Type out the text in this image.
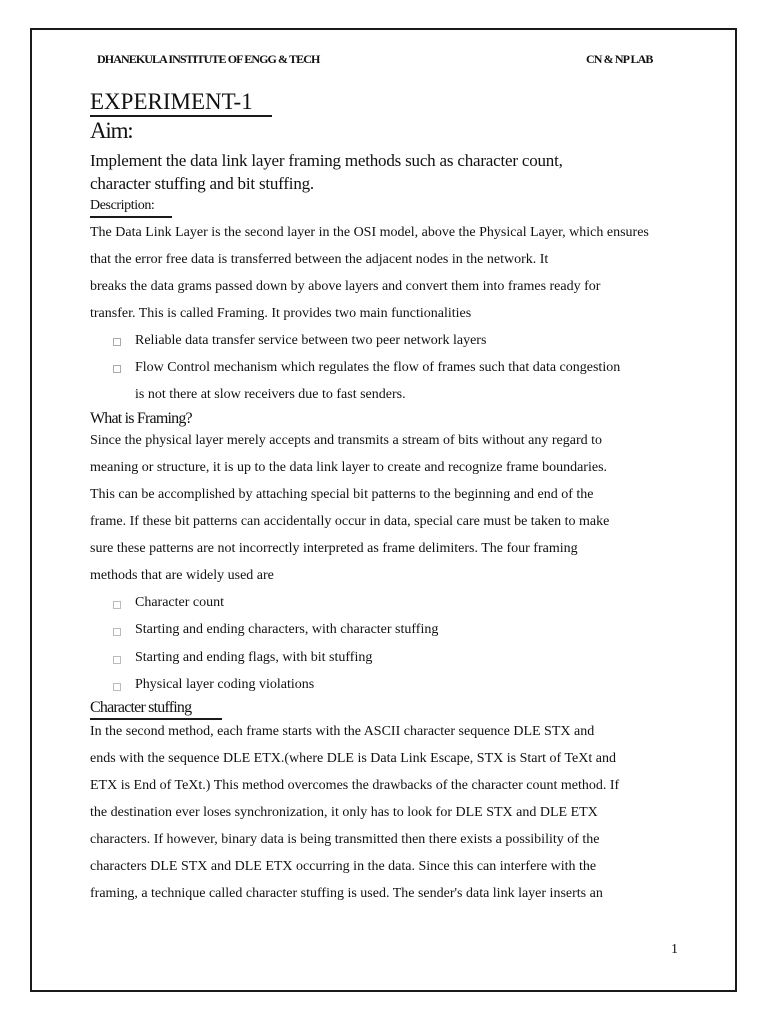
DHANEKULA INSTITUTE OF ENGG & TECH	CN & NP LAB
EXPERIMENT-1
Aim:
Implement the data link layer framing methods such as character count,
character stuffing and bit stuffing.
Description:
The Data Link Layer is the second layer in the OSI model, above the Physical Layer, which ensures
that the error free data is transferred between the adjacent nodes in the network. It
breaks the data grams passed down by above layers and convert them into frames ready for
transfer. This is called Framing. It provides two main functionalities
Reliable data transfer service between two peer network layers
Flow Control mechanism which regulates the flow of frames such that data congestion
is not there at slow receivers due to fast senders.
What is Framing?
Since the physical layer merely accepts and transmits a stream of bits without any regard to
meaning or structure, it is up to the data link layer to create and recognize frame boundaries.
This can be accomplished by attaching special bit patterns to the beginning and end of the
frame. If these bit patterns can accidentally occur in data, special care must be taken to make
sure these patterns are not incorrectly interpreted as frame delimiters. The four framing
methods that are widely used are
Character count
Starting and ending characters, with character stuffing
Starting and ending flags, with bit stuffing
Physical layer coding violations
Character stuffing
In the second method, each frame starts with the ASCII character sequence DLE STX and
ends with the sequence DLE ETX.(where DLE is Data Link Escape, STX is Start of TeXt and
ETX is End of TeXt.) This method overcomes the drawbacks of the character count method. If
the destination ever loses synchronization, it only has to look for DLE STX and DLE ETX
characters. If however, binary data is being transmitted then there exists a possibility of the
characters DLE STX and DLE ETX occurring in the data. Since this can interfere with the
framing, a technique called character stuffing is used. The sender's data link layer inserts an
1
